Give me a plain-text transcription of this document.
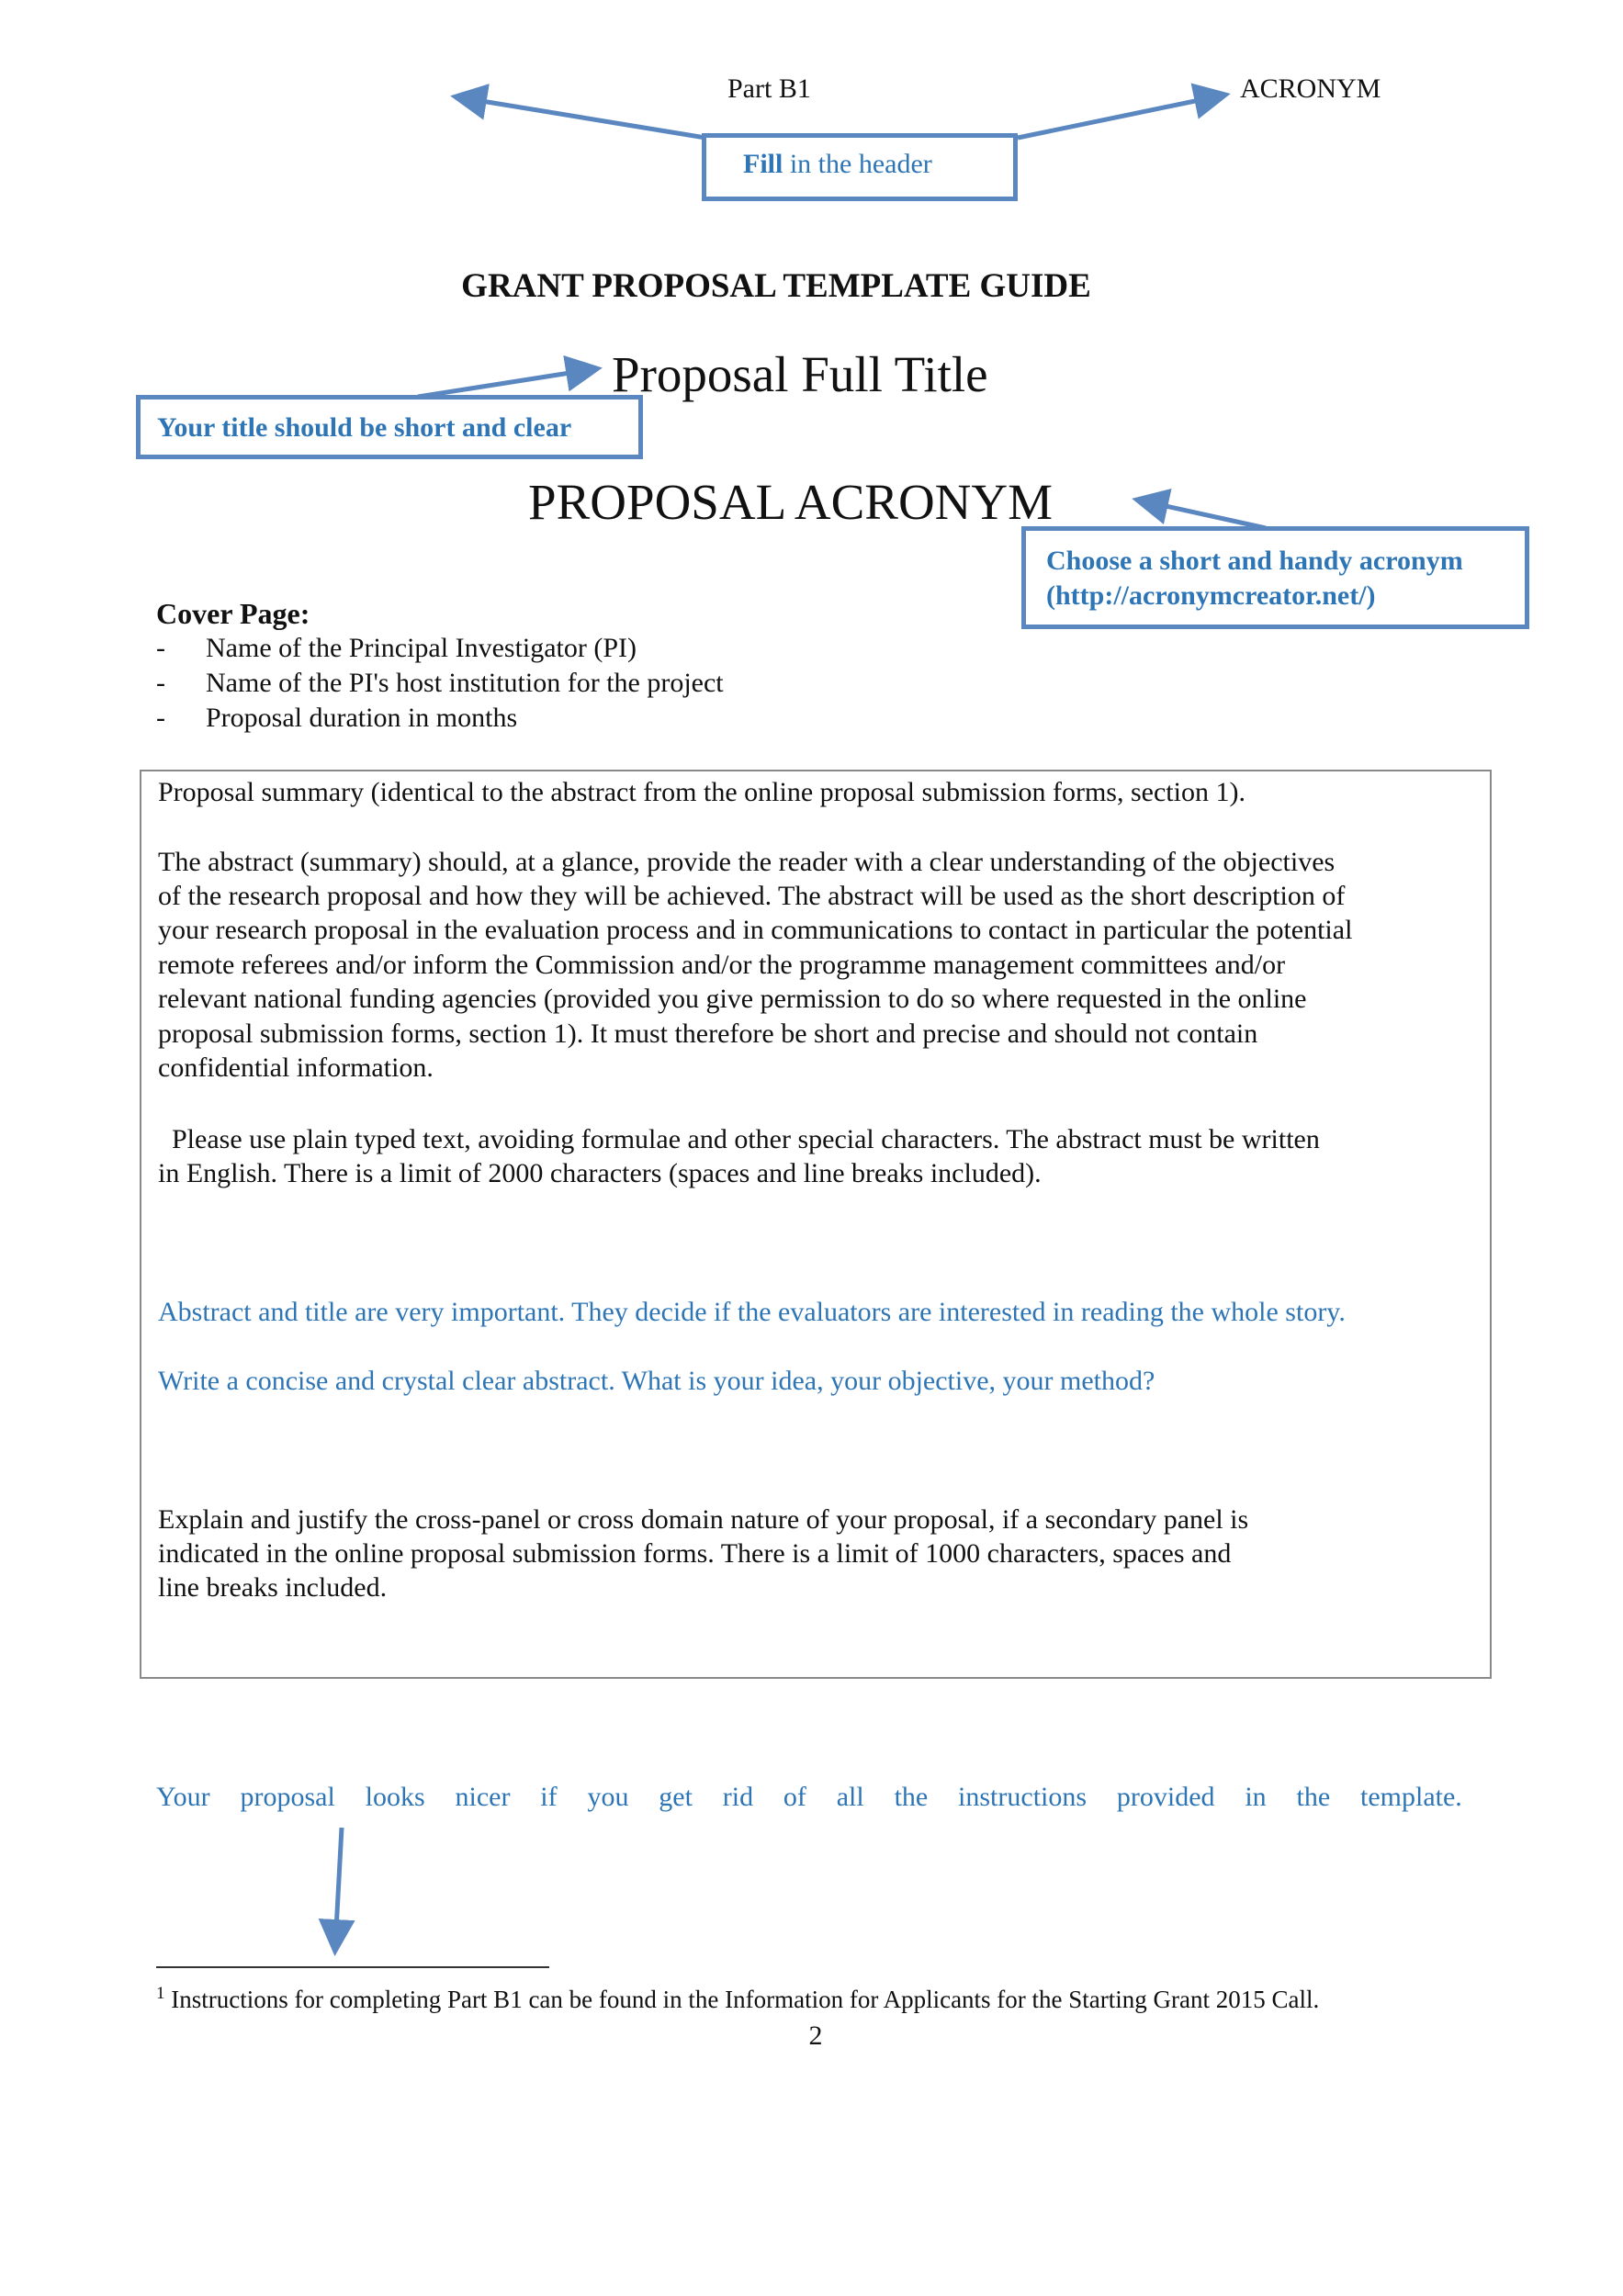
Part B1	ACRONYM
Fill in the header
GRANT PROPOSAL TEMPLATE GUIDE
Proposal Full Title
Your title should be short and clear
PROPOSAL ACRONYM
Choose a short and handy acronym
(http://acronymcreator.net/)
Cover Page:
- Name of the Principal Investigator (PI)
- Name of the PI's host institution for the project
- Proposal duration in months

Proposal summary (identical to the abstract from the online proposal submission forms, section 1).

The abstract (summary) should, at a glance, provide the reader with a clear understanding of the objectives

of the research proposal and how they will be achieved. The abstract will be used as the short description of

your research proposal in the evaluation process and in communications to contact in particular the potential

remote referees and/or inform the Commission and/or the programme management committees and/or

relevant national funding agencies (provided you give permission to do so where requested in the online

proposal submission forms, section 1). It must therefore be short and precise and should not contain

confidential information.

Please use plain typed text, avoiding formulae and other special characters. The abstract must be written

in English. There is a limit of 2000 characters (spaces and line breaks included).

Abstract and title are very important. They decide if the evaluators are interested in reading the whole story.

Write a concise and crystal clear abstract. What is your idea, your objective, your method?

Explain and justify the cross-panel or cross domain nature of your proposal, if a secondary panel is

indicated in the online proposal submission forms. There is a limit of 1000 characters, spaces and

line breaks included.

Your proposal looks nicer if you get rid of all the instructions provided in the template.
$^1$ Instructions for completing Part B1 can be found in the Information for Applicants for the Starting Grant 2015 Call.
2
